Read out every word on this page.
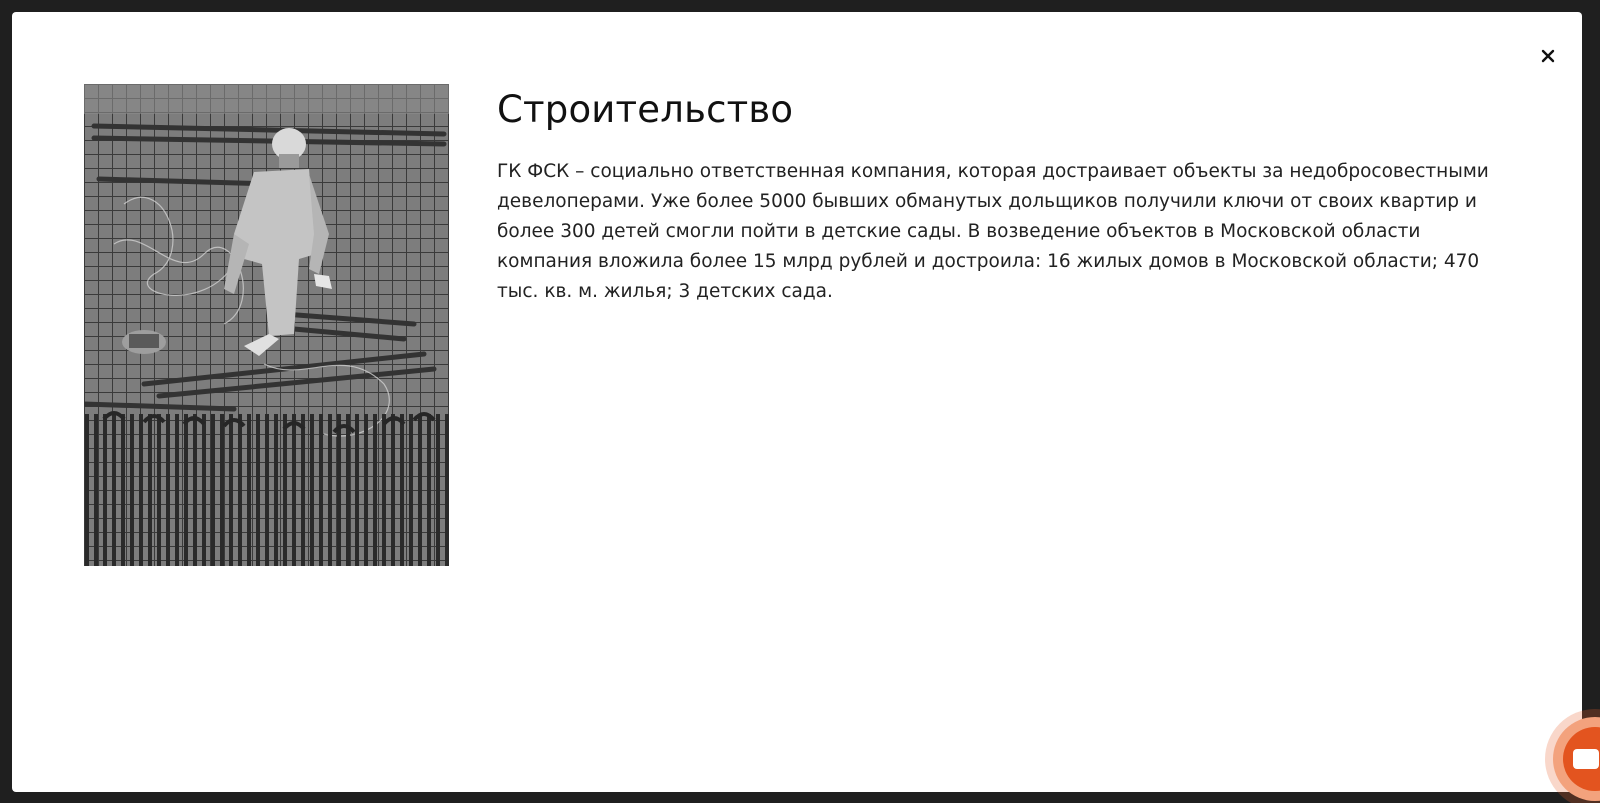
Строительство

ГК ФСК – социально ответственная компания, которая достраивает объекты за недобросовестными девелоперами. Уже более 5000 бывших обманутых дольщиков получили ключи от своих квартир и более 300 детей смогли пойти в детские сады. В возведение объектов в Московской области компания вложила более 15 млрд рублей и достроила: 16 жилых домов в Московской области; 470 тыс. кв. м. жилья; 3 детских сада.
